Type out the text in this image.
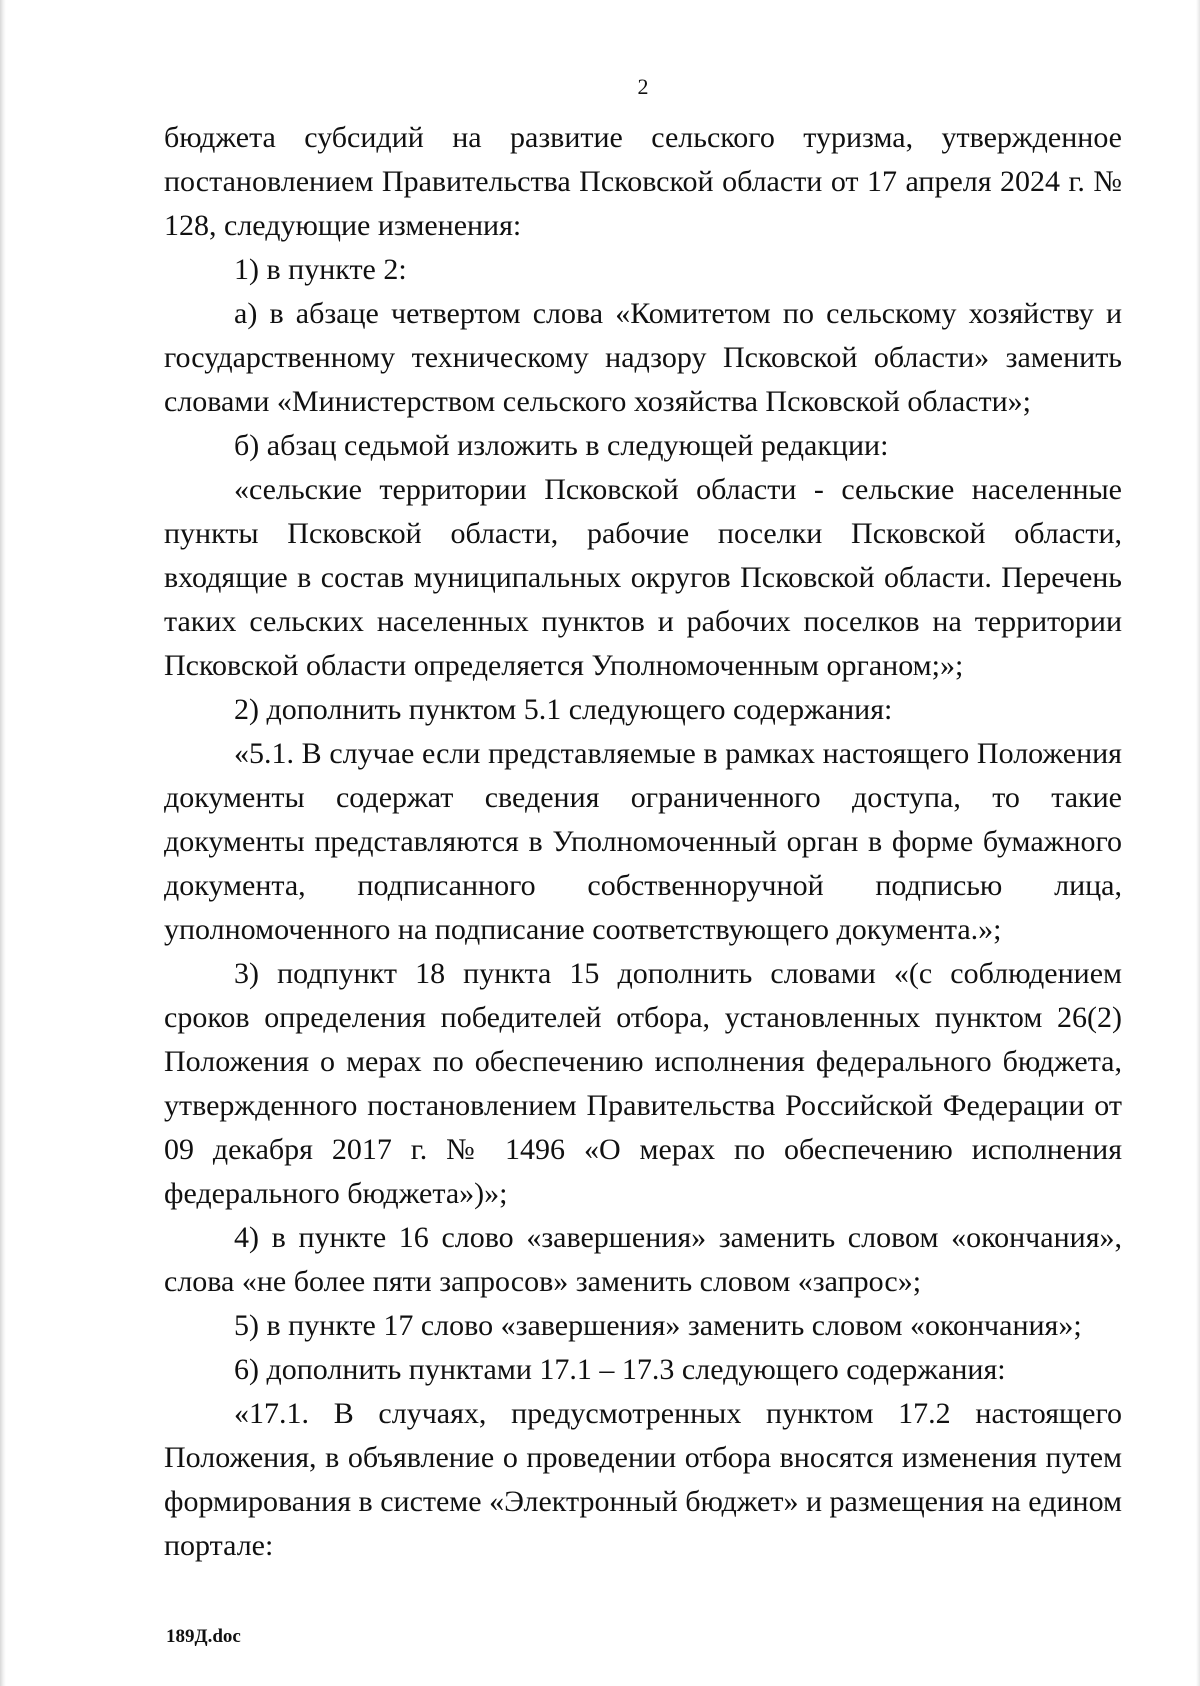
2

бюджета субсидий на развитие сельского туризма, утвержденное постановлением Правительства Псковской области от 17 апреля 2024 г. № 128, следующие изменения:

1) в пункте 2:

а) в абзаце четвертом слова «Комитетом по сельскому хозяйству и государственному техническому надзору Псковской области» заменить словами «Министерством сельского хозяйства Псковской области»;

б) абзац седьмой изложить в следующей редакции:

«сельские территории Псковской области - сельские населенные пункты Псковской области, рабочие поселки Псковской области, входящие в состав муниципальных округов Псковской области. Перечень таких сельских населенных пунктов и рабочих поселков на территории Псковской области определяется Уполномоченным органом;»;

2) дополнить пунктом 5.1 следующего содержания:

«5.1. В случае если представляемые в рамках настоящего Положения документы содержат сведения ограниченного доступа, то такие документы представляются в Уполномоченный орган в форме бумажного документа, подписанного собственноручной подписью лица, уполномоченного на подписание соответствующего документа.»;

3) подпункт 18 пункта 15 дополнить словами «(с соблюдением сроков определения победителей отбора, установленных пунктом 26(2) Положения о мерах по обеспечению исполнения федерального бюджета, утвержденного постановлением Правительства Российской Федерации от 09 декабря 2017 г. № 1496 «О мерах по обеспечению исполнения федерального бюджета»)»;

4) в пункте 16 слово «завершения» заменить словом «окончания», слова «не более пяти запросов» заменить словом «запрос»;

5) в пункте 17 слово «завершения» заменить словом «окончания»;

6) дополнить пунктами 17.1 – 17.3 следующего содержания:

«17.1. В случаях, предусмотренных пунктом 17.2 настоящего Положения, в объявление о проведении отбора вносятся изменения путем формирования в системе «Электронный бюджет» и размещения на едином портале:

189Д.doc
